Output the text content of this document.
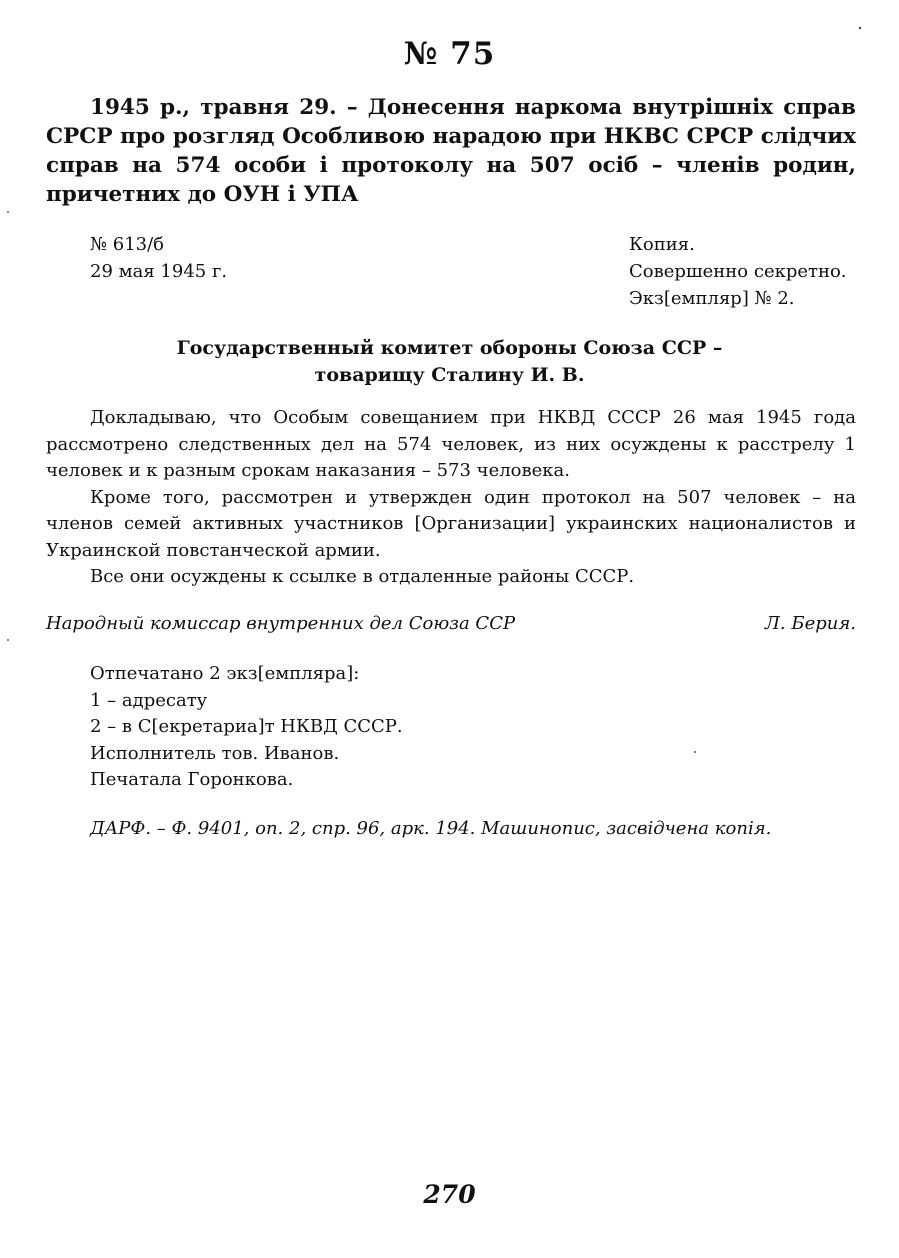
№ 75
1945 р., травня 29. – Донесення наркома внутрішніх справ СРСР про розгляд Особливою нарадою при НКВС СРСР слідчих справ на 574 особи і протоколу на 507 осіб – членів родин, причетних до ОУН і УПА
№ 613/б
29 мая 1945 г.
Копия.
Совершенно секретно.
Экз[емпляр] № 2.
Государственный комитет обороны Союза ССР –
товарищу Сталину И. В.

Докладываю, что Особым совещанием при НКВД СССР 26 мая 1945 года рассмотрено следственных дел на 574 человек, из них осуждены к расстрелу 1 человек и к разным срокам наказания – 573 человека.

Кроме того, рассмотрен и утвержден один протокол на 507 человек – на членов семей активных участников [Организации] украинских националистов и Украинской повстанческой армии.

Все они осуждены к ссылке в отдаленные районы СССР.

Народный комиссар внутренних дел Союза ССР	Л. Берия.
Отпечатано 2 экз[емпляра]:
1 – адресату
2 – в С[екретариа]т НКВД СССР.
Исполнитель тов. Иванов.
Печатала Горонкова.
ДАРФ. – Ф. 9401, оп. 2, спр. 96, арк. 194. Машинопис, засвідчена копія.
270
